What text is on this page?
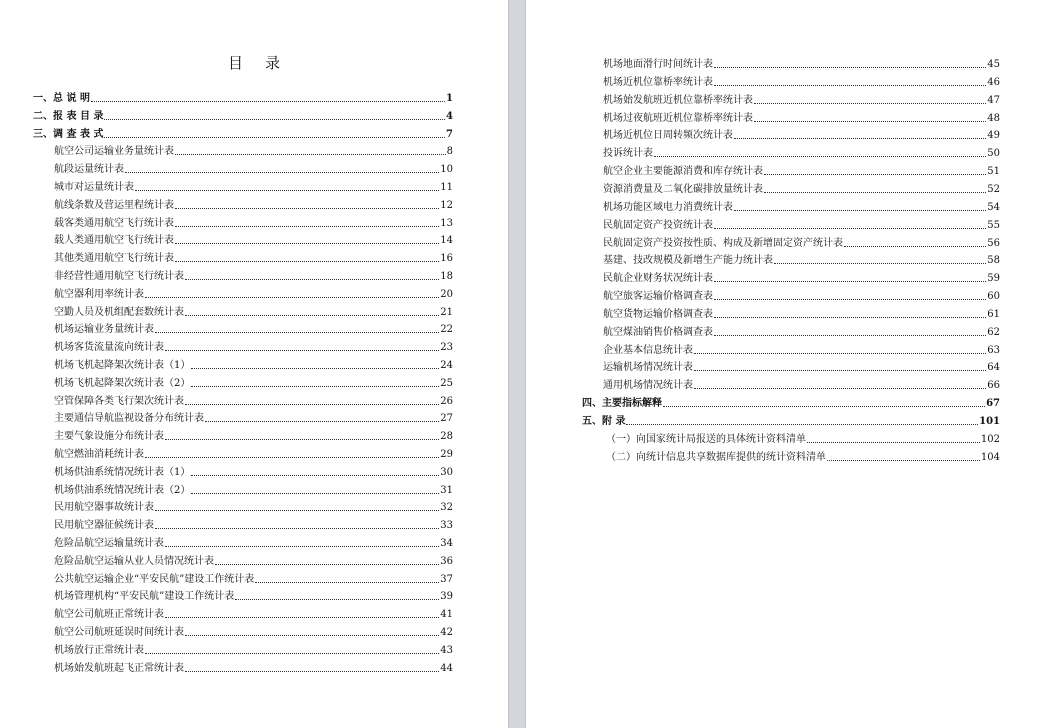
目录
一、总 说 明	1
二、报 表 目 录	4
三、调 查 表 式	7
航空公司运输业务量统计表	8
航段运量统计表	10
城市对运量统计表	11
航线条数及营运里程统计表	12
载客类通用航空飞行统计表	13
载人类通用航空飞行统计表	14
其他类通用航空飞行统计表	16
非经营性通用航空飞行统计表	18
航空器利用率统计表	20
空勤人员及机组配套数统计表	21
机场运输业务量统计表	22
机场客货流量流向统计表	23
机场飞机起降架次统计表（1）	24
机场飞机起降架次统计表（2）	25
空管保障各类飞行架次统计表	26
主要通信导航监视设备分布统计表	27
主要气象设施分布统计表	28
航空燃油消耗统计表	29
机场供油系统情况统计表（1）	30
机场供油系统情况统计表（2）	31
民用航空器事故统计表	32
民用航空器征候统计表	33
危险品航空运输量统计表	34
危险品航空运输从业人员情况统计表	36
公共航空运输企业“平安民航”建设工作统计表	37
机场管理机构“平安民航”建设工作统计表	39
航空公司航班正常统计表	41
航空公司航班延误时间统计表	42
机场放行正常统计表	43
机场始发航班起飞正常统计表	44
机场地面滑行时间统计表	45
机场近机位靠桥率统计表	46
机场始发航班近机位靠桥率统计表	47
机场过夜航班近机位靠桥率统计表	48
机场近机位日周转频次统计表	49
投诉统计表	50
航空企业主要能源消费和库存统计表	51
资源消费量及二氧化碳排放量统计表	52
机场功能区域电力消费统计表	54
民航固定资产投资统计表	55
民航固定资产投资按性质、构成及新增固定资产统计表	56
基建、技改规模及新增生产能力统计表	58
民航企业财务状况统计表	59
航空旅客运输价格调查表	60
航空货物运输价格调查表	61
航空煤油销售价格调查表	62
企业基本信息统计表	63
运输机场情况统计表	64
通用机场情况统计表	66
四、主要指标解释	67
五、附 录	101
（一）向国家统计局报送的具体统计资料清单	102
（二）向统计信息共享数据库提供的统计资料清单	104
